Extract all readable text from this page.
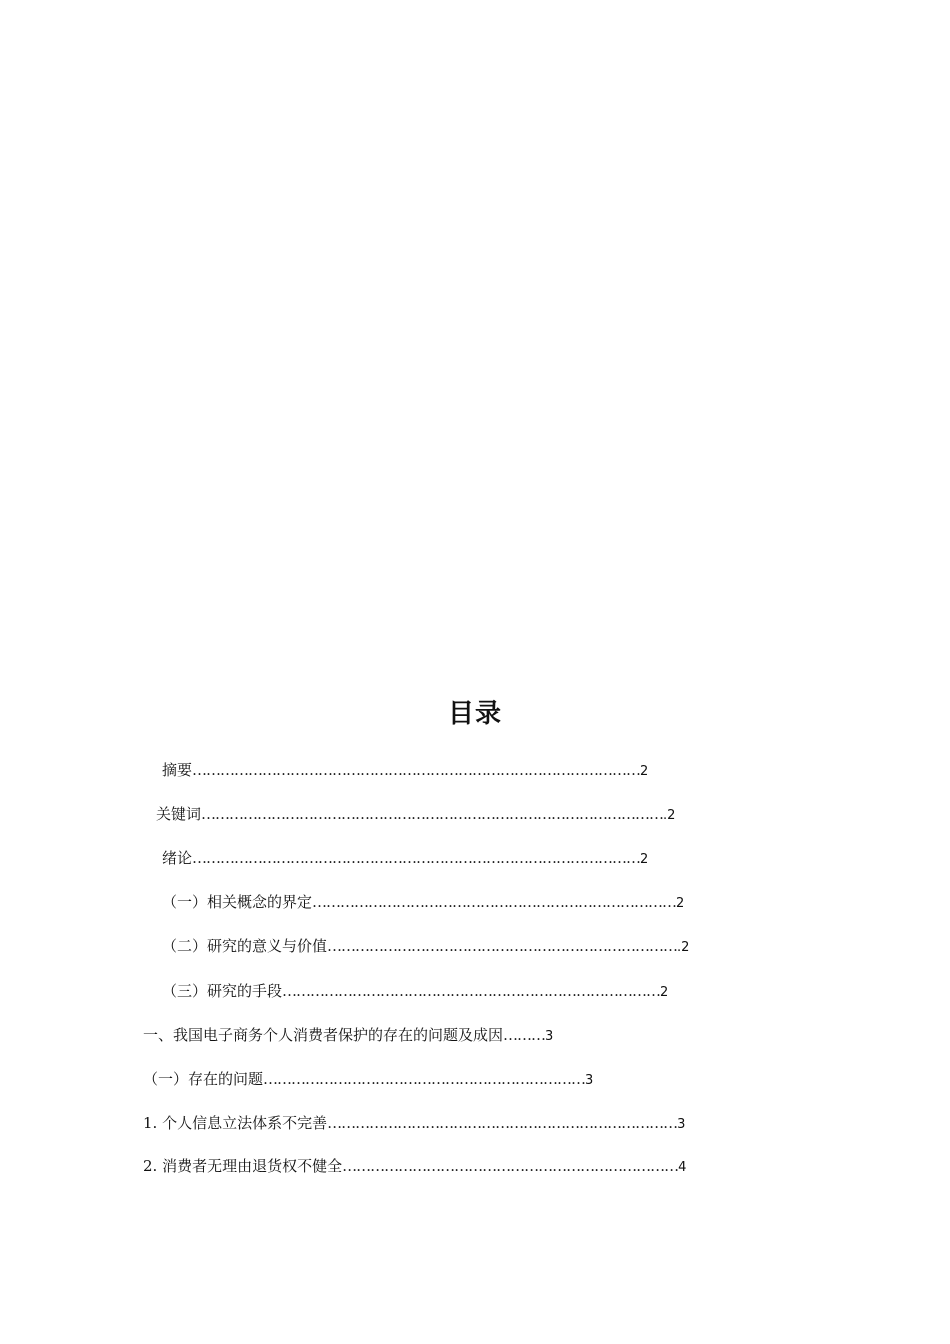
目录
摘要……………………………………………………………………………………2
关键词……………………………………………………………………………………….2
绪论……………………………………………………………………………………2
（一）相关概念的界定……………………………………………………………………2
（二）研究的意义与价值………………………………………………………………….2
（三）研究的手段………………………………………………………………………2
一、我国电子商务个人消费者保护的存在的问题及成因………3
（一）存在的问题……………………………………………………………3
1. 个人信息立法体系不完善…………………………………………………………………3
2. 消费者无理由退货权不健全………………………………………………………………4
